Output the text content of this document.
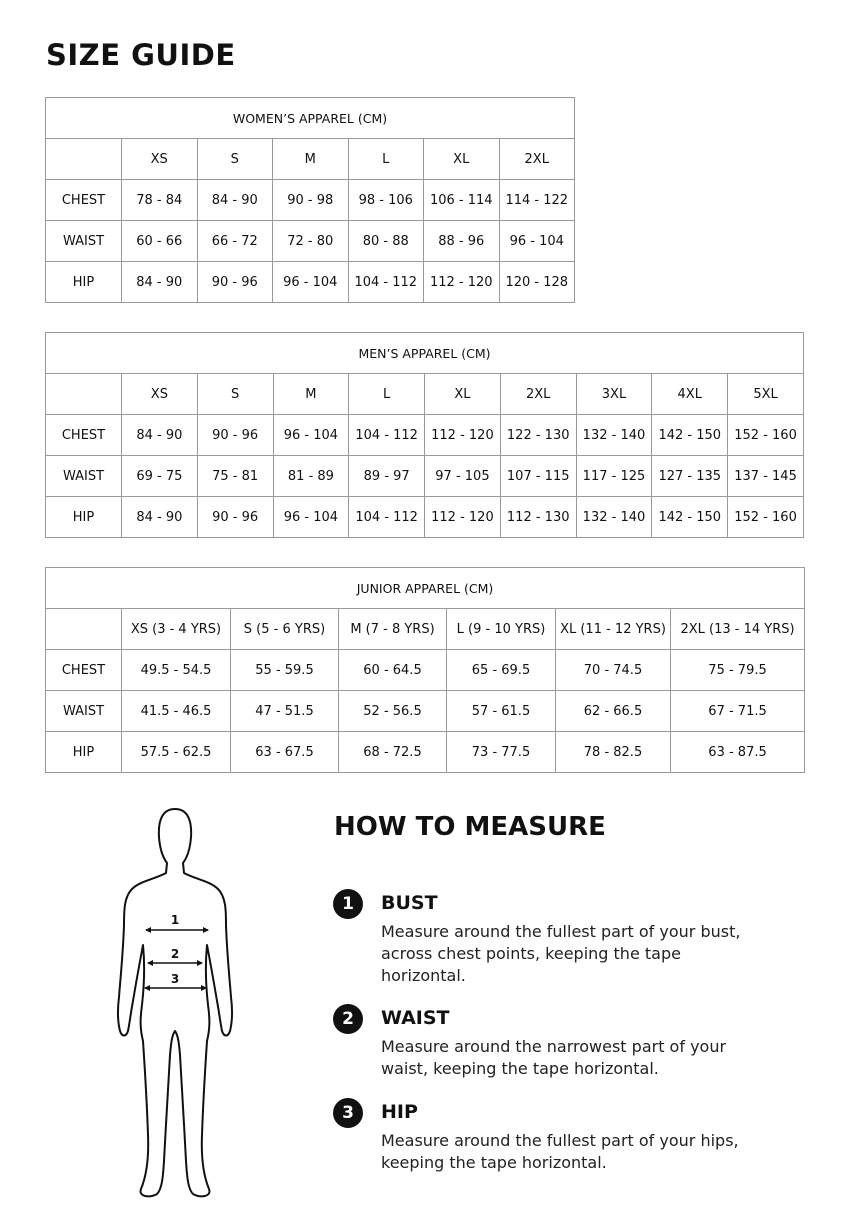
SIZE GUIDE
WOMEN’S APPAREL (CM)						
	XS	S	M	L	XL	2XL
CHEST	78 - 84	84 - 90	90 - 98	98 - 106	106 - 114	114 - 122
WAIST	60 - 66	66 - 72	72 - 80	80 - 88	88 - 96	96 - 104
HIP	84 - 90	90 - 96	96 - 104	104 - 112	112 - 120	120 - 128
MEN’S APPAREL (CM)									
	XS	S	M	L	XL	2XL	3XL	4XL	5XL
CHEST	84 - 90	90 - 96	96 - 104	104 - 112	112 - 120	122 - 130	132 - 140	142 - 150	152 - 160
WAIST	69 - 75	75 - 81	81 - 89	89 - 97	97 - 105	107 - 115	117 - 125	127 - 135	137 - 145
HIP	84 - 90	90 - 96	96 - 104	104 - 112	112 - 120	112 - 130	132 - 140	142 - 150	152 - 160
JUNIOR APPAREL (CM)						
	XS (3 - 4 YRS)	S (5 - 6 YRS)	M (7 - 8 YRS)	L (9 - 10 YRS)	XL (11 - 12 YRS)	2XL (13 - 14 YRS)
CHEST	49.5 - 54.5	55 - 59.5	60 - 64.5	65 - 69.5	70 - 74.5	75 - 79.5
WAIST	41.5 - 46.5	47 - 51.5	52 - 56.5	57 - 61.5	62 - 66.5	67 - 71.5
HIP	57.5 - 62.5	63 - 67.5	68 - 72.5	73 - 77.5	78 - 82.5	63 - 87.5
1
2
3
HOW TO MEASURE
1	BUST

Measure around the fullest part of your bust, across chest points, keeping the tape horizontal.

2	WAIST

Measure around the narrowest part of your waist, keeping the tape horizontal.

3	HIP

Measure around the fullest part of your hips, keeping the tape horizontal.
